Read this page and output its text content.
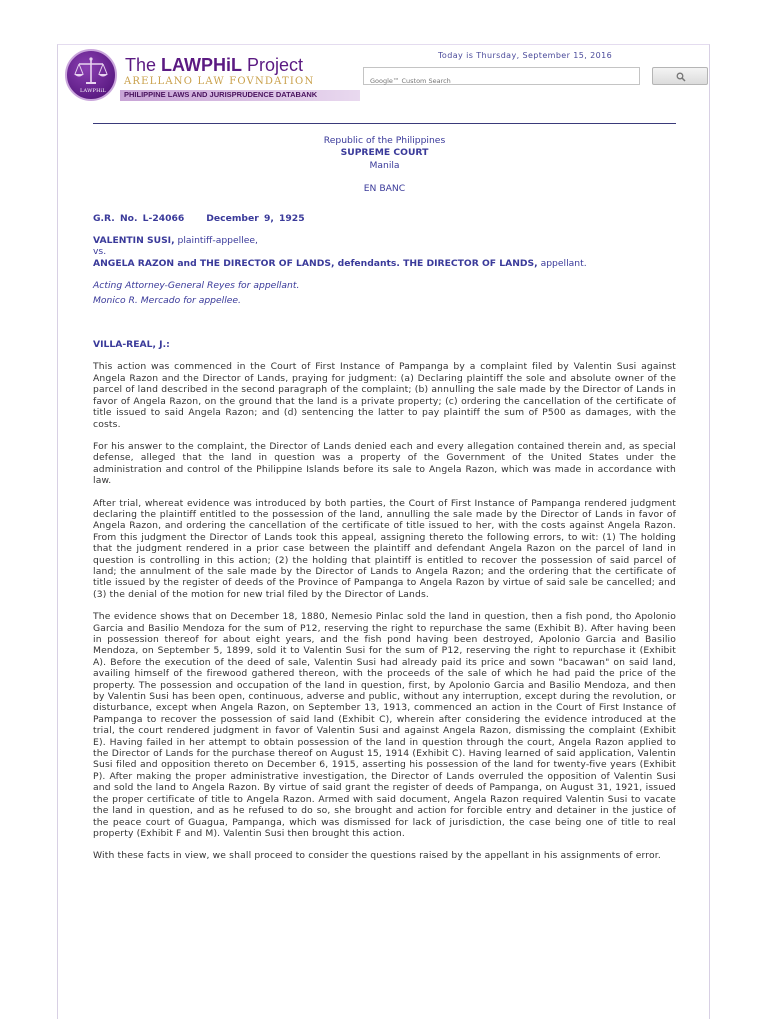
LAWPHiL
The LAWPHiL Project
ARELLANO LAW FOVNDATION
PHILIPPINE LAWS AND JURISPRUDENCE DATABANK
Today is Thursday, September 15, 2016
Google™ Custom Search
Republic of the Philippines
SUPREME COURT
Manila
EN BANC
G.R. No. L-24066 December 9, 1925
VALENTIN SUSI, plaintiff-appellee,
vs.
ANGELA RAZON and THE DIRECTOR OF LANDS, defendants. THE DIRECTOR OF LANDS, appellant.
Acting Attorney-General Reyes for appellant.
Monico R. Mercado for appellee.
VILLA-REAL, J.:

This action was commenced in the Court of First Instance of Pampanga by a complaint filed by Valentin Susi against Angela Razon and the Director of Lands, praying for judgment: (a) Declaring plaintiff the sole and absolute owner of the parcel of land described in the second paragraph of the complaint; (b) annulling the sale made by the Director of Lands in favor of Angela Razon, on the ground that the land is a private property; (c) ordering the cancellation of the certificate of title issued to said Angela Razon; and (d) sentencing the latter to pay plaintiff the sum of P500 as damages, with the costs.

For his answer to the complaint, the Director of Lands denied each and every allegation contained therein and, as special defense, alleged that the land in question was a property of the Government of the United States under the administration and control of the Philippine Islands before its sale to Angela Razon, which was made in accordance with law.

After trial, whereat evidence was introduced by both parties, the Court of First Instance of Pampanga rendered judgment declaring the plaintiff entitled to the possession of the land, annulling the sale made by the Director of Lands in favor of Angela Razon, and ordering the cancellation of the certificate of title issued to her, with the costs against Angela Razon. From this judgment the Director of Lands took this appeal, assigning thereto the following errors, to wit: (1) The holding that the judgment rendered in a prior case between the plaintiff and defendant Angela Razon on the parcel of land in question is controlling in this action; (2) the holding that plaintiff is entitled to recover the possession of said parcel of land; the annulment of the sale made by the Director of Lands to Angela Razon; and the ordering that the certificate of title issued by the register of deeds of the Province of Pampanga to Angela Razon by virtue of said sale be cancelled; and (3) the denial of the motion for new trial filed by the Director of Lands.

The evidence shows that on December 18, 1880, Nemesio Pinlac sold the land in question, then a fish pond, tho Apolonio Garcia and Basilio Mendoza for the sum of P12, reserving the right to repurchase the same (Exhibit B). After having been in possession thereof for about eight years, and the fish pond having been destroyed, Apolonio Garcia and Basilio Mendoza, on September 5, 1899, sold it to Valentin Susi for the sum of P12, reserving the right to repurchase it (Exhibit A). Before the execution of the deed of sale, Valentin Susi had already paid its price and sown "bacawan" on said land, availing himself of the firewood gathered thereon, with the proceeds of the sale of which he had paid the price of the property. The possession and occupation of the land in question, first, by Apolonio Garcia and Basilio Mendoza, and then by Valentin Susi has been open, continuous, adverse and public, without any interruption, except during the revolution, or disturbance, except when Angela Razon, on September 13, 1913, commenced an action in the Court of First Instance of Pampanga to recover the possession of said land (Exhibit C), wherein after considering the evidence introduced at the trial, the court rendered judgment in favor of Valentin Susi and against Angela Razon, dismissing the complaint (Exhibit E). Having failed in her attempt to obtain possession of the land in question through the court, Angela Razon applied to the Director of Lands for the purchase thereof on August 15, 1914 (Exhibit C). Having learned of said application, Valentin Susi filed and opposition thereto on December 6, 1915, asserting his possession of the land for twenty-five years (Exhibit P). After making the proper administrative investigation, the Director of Lands overruled the opposition of Valentin Susi and sold the land to Angela Razon. By virtue of said grant the register of deeds of Pampanga, on August 31, 1921, issued the proper certificate of title to Angela Razon. Armed with said document, Angela Razon required Valentin Susi to vacate the land in question, and as he refused to do so, she brought and action for forcible entry and detainer in the justice of the peace court of Guagua, Pampanga, which was dismissed for lack of jurisdiction, the case being one of title to real property (Exhibit F and M). Valentin Susi then brought this action.

With these facts in view, we shall proceed to consider the questions raised by the appellant in his assignments of error.
